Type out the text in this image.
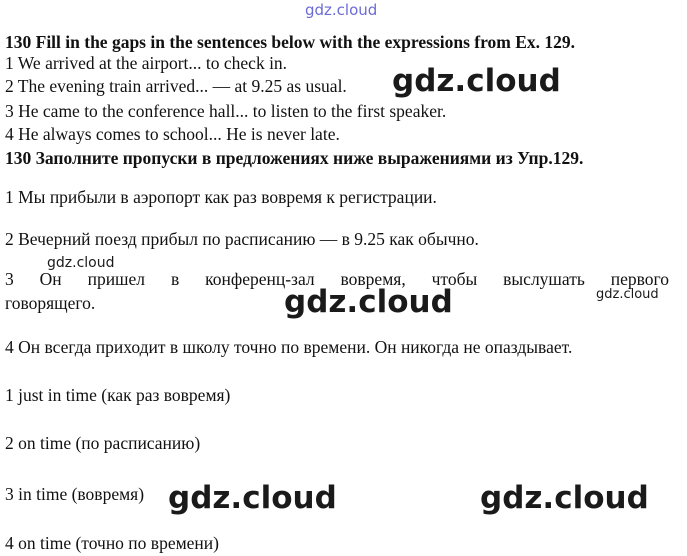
gdz.cloud
130 Fill in the gaps in the sentences below with the expressions from Ex. 129.
1 We arrived at the airport... to check in.
2 The evening train arrived... — at 9.25 as usual.
3 He came to the conference hall... to listen to the first speaker.
4 He always comes to school... He is never late.
130 Заполните пропуски в предложениях ниже выражениями из Упр.129.
1 Мы прибыли в аэропорт как раз вовремя к регистрации.
2 Вечерний поезд прибыл по расписанию — в 9.25 как обычно.
3 Он пришел в конференц-зал вовремя, чтобы выслушать первого
говорящего.
4 Он всегда приходит в школу точно по времени. Он никогда не опаздывает.
1 just in time (как раз вовремя)
2 on time (по расписанию)
3 in time (вовремя)
4 on time (точно по времени)
gdz.cloud
gdz.cloud
gdz.cloud	gdz.cloud
gdz.cloud	gdz.cloud
